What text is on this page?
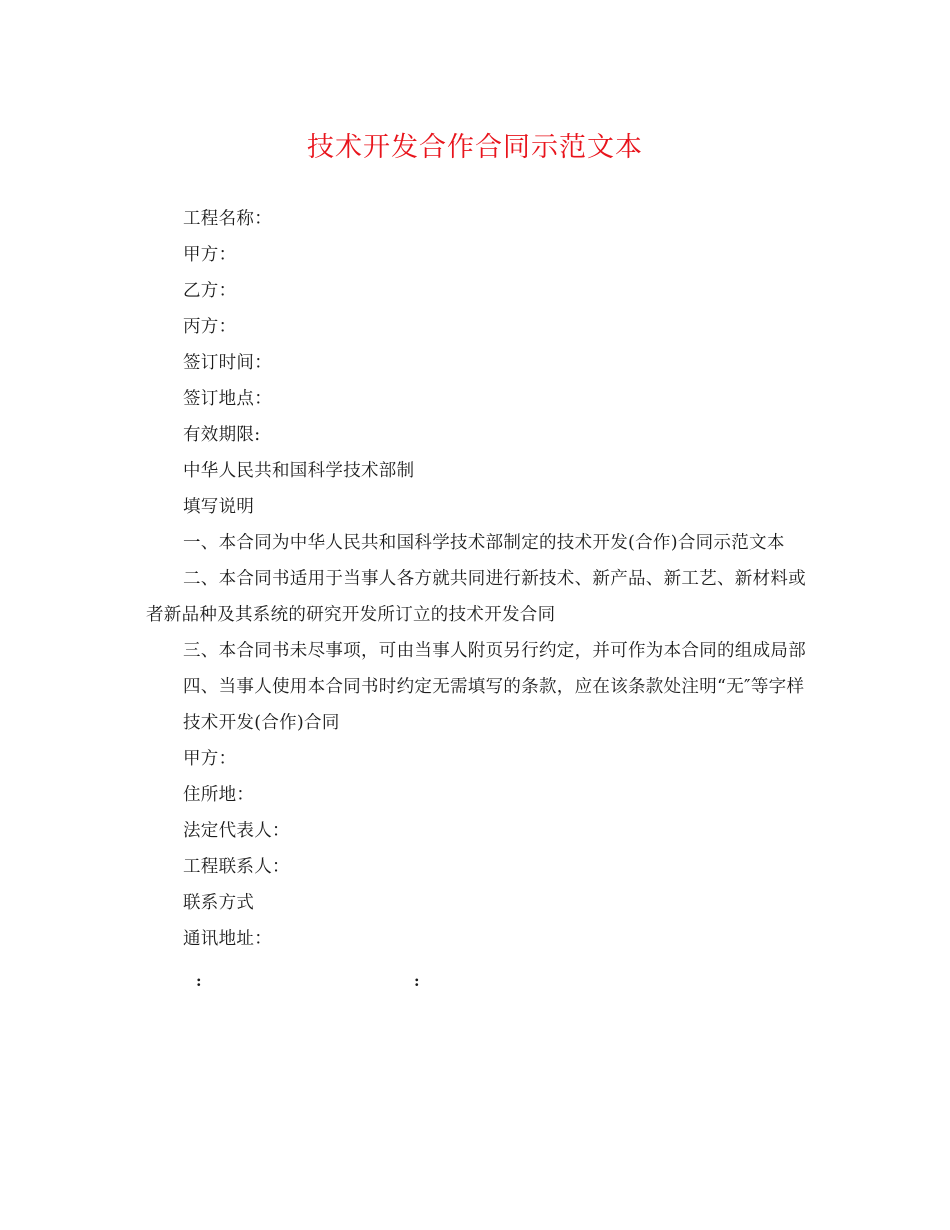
技术开发合作合同示范文本

工程名称：

甲方：

乙方：

丙方：

签订时间：

签订地点：

有效期限:

中华人民共和国科学技术部制

填写说明

一、本合同为中华人民共和国科学技术部制定的技术开发(合作)合同示范文本

二、本合同书适用于当事人各方就共同进行新技术、新产品、新工艺、新材料或者新品种及其系统的研究开发所订立的技术开发合同

三、本合同书未尽事项，可由当事人附页另行约定，并可作为本合同的组成局部

四、当事人使用本合同书时约定无需填写的条款，应在该条款处注明“无″等字样

技术开发(合作)合同

甲方：

住所地：

法定代表人：

工程联系人：

联系方式

通讯地址：

:	:
